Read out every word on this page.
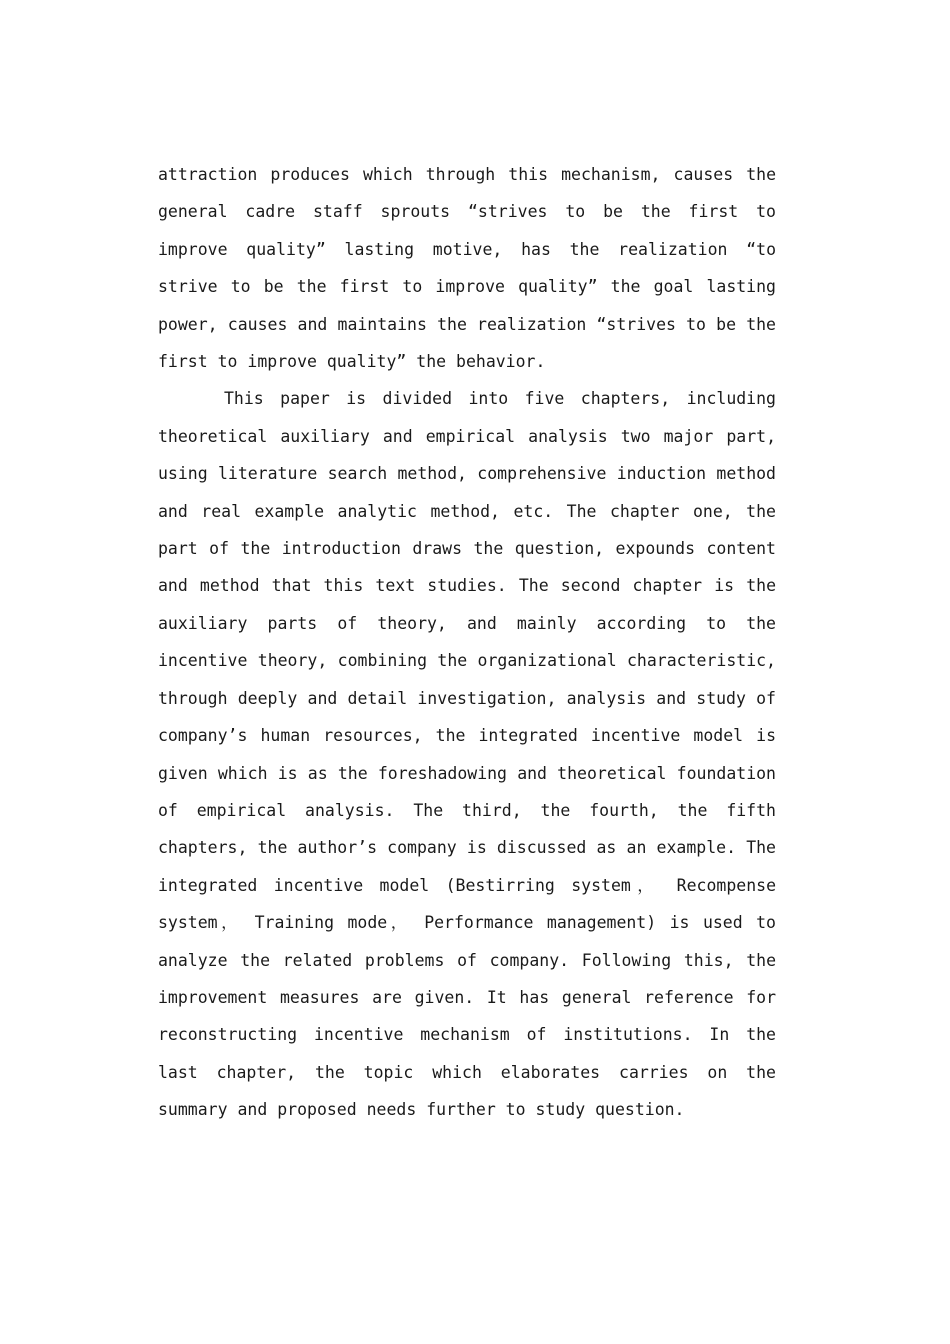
attraction produces which through this mechanism, causes the general cadre staff sprouts “strives to be the first to improve quality” lasting motive, has the realization “to strive to be the first to improve quality” the goal lasting power, causes and maintains the realization “strives to be the first to improve quality” the behavior.

This paper is divided into five chapters, including theoretical auxiliary and empirical analysis two major part, using literature search method, comprehensive induction method and real example analytic method, etc. The chapter one, the part of the introduction draws the question, expounds content and method that this text studies. The second chapter is the auxiliary parts of theory, and mainly according to the incentive theory, combining the organizational characteristic, through deeply and detail investigation, analysis and study of company’s human resources, the integrated incentive model is given which is as the foreshadowing and theoretical foundation of empirical analysis. The third, the fourth, the fifth chapters, the author’s company is discussed as an example. The integrated incentive model (Bestirring system， Recompense system， Training mode， Performance management) is used to analyze the related problems of company. Following this, the improvement measures are given. It has general reference for reconstructing incentive mechanism of institutions. In the last chapter, the topic which elaborates carries on the summary and proposed needs further to study question.
